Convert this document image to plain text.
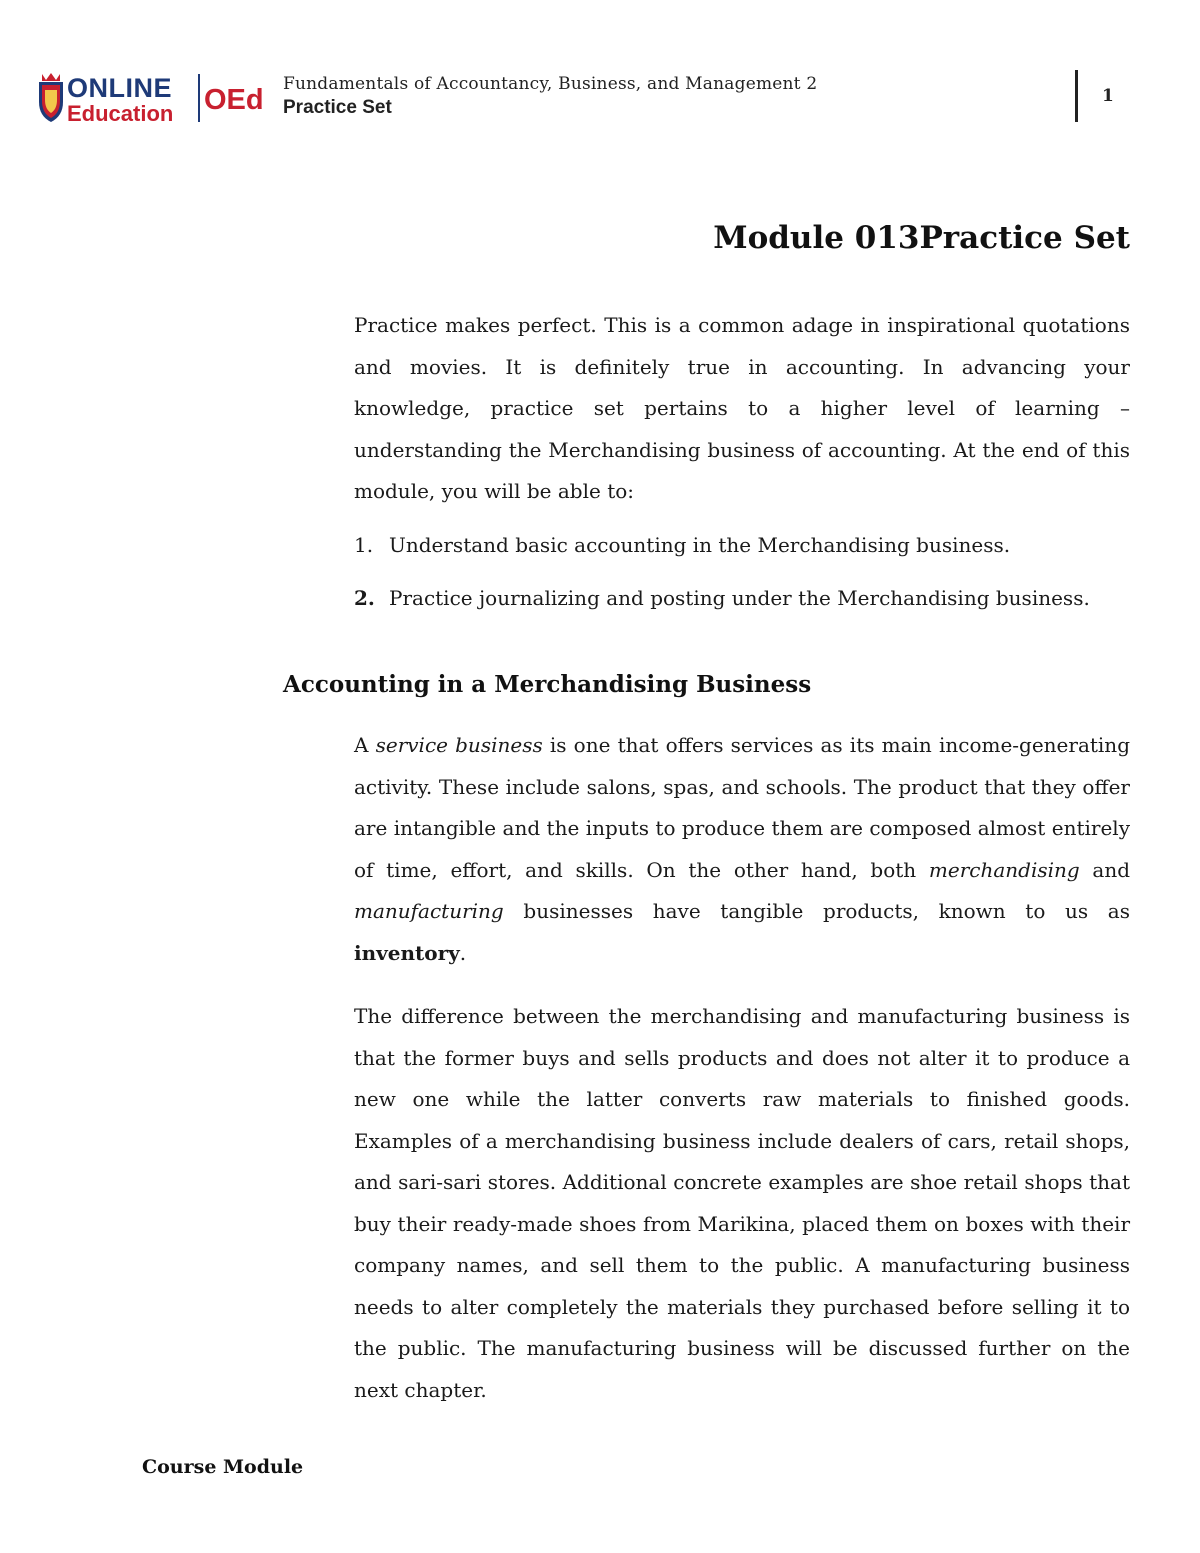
ONLINE
Education OEd Fundamentals of Accountancy, Business, and Management 2
Practice Set
1
Module 013Practice Set

Practice makes perfect. This is a common adage in inspirational quotations and movies. It is definitely true in accounting. In advancing your knowledge, practice set pertains to a higher level of learning – understanding the Merchandising business of accounting. At the end of this module, you will be able to:

1. Understand basic accounting in the Merchandising business.
2. Practice journalizing and posting under the Merchandising business.
Accounting in a Merchandising Business

A service business is one that offers services as its main income-generating activity. These include salons, spas, and schools. The product that they offer are intangible and the inputs to produce them are composed almost entirely of time, effort, and skills. On the other hand, both merchandising and manufacturing businesses have tangible products, known to us as inventory.

The difference between the merchandising and manufacturing business is that the former buys and sells products and does not alter it to produce a new one while the latter converts raw materials to finished goods. Examples of a merchandising business include dealers of cars, retail shops, and sari-sari stores. Additional concrete examples are shoe retail shops that buy their ready-made shoes from Marikina, placed them on boxes with their company names, and sell them to the public. A manufacturing business needs to alter completely the materials they purchased before selling it to the public. The manufacturing business will be discussed further on the next chapter.

Course Module
